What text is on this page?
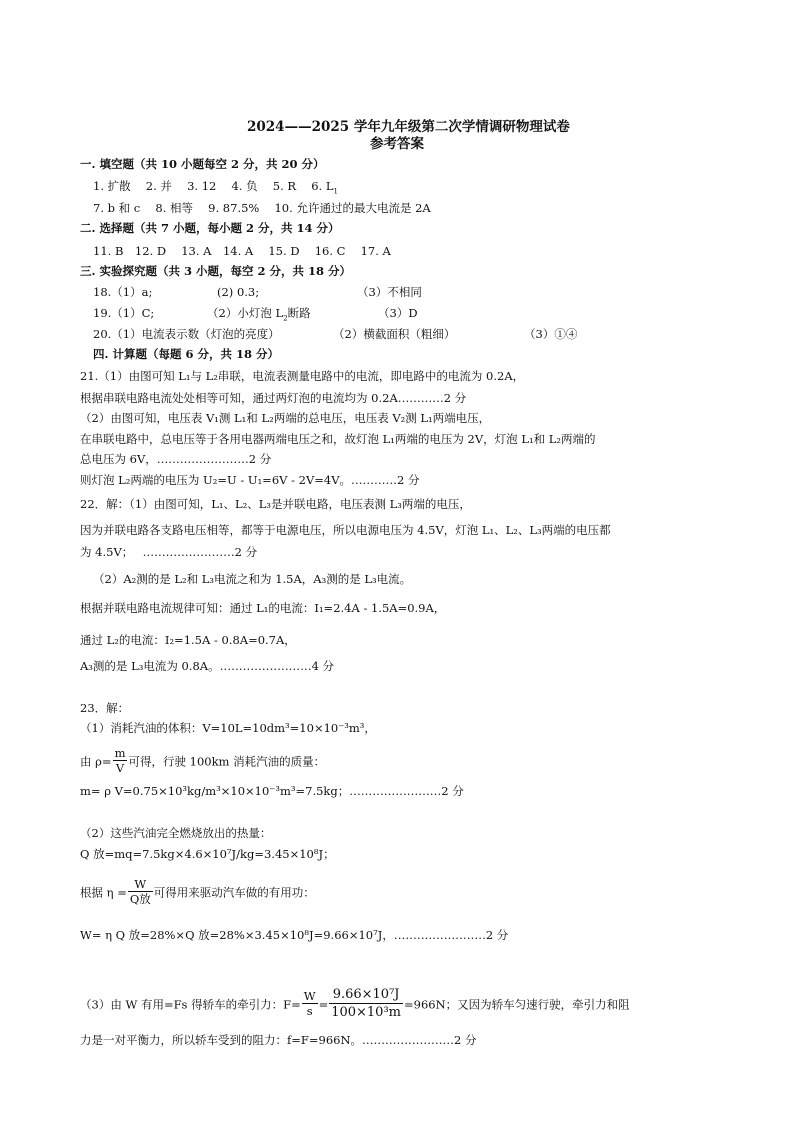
2024——2025 学年九年级第二次学情调研物理试卷
参考答案
一. 填空题（共 10 小题每空 2 分，共 20 分）
1. 扩散　 2. 并　 3. 12　 4. 负　 5. R　 6. $L_1$
7. b 和 c　 8. 相等　 9. 87.5%　 10. 允许通过的最大电流是 2A
二. 选择题（共 7 小题，每小题 2 分，共 14 分）
11. B　12. D　 13. A　14. A　 15. D　 16. C　 17. A
三. 实验探究题（共 3 小题，每空 2 分，共 18 分）
18.（1）a;	(2) 0.3;	（3）不相同
19.（1）C;	（2）小灯泡 $L_2$断路	（3）D
20.（1）电流表示数（灯泡的亮度）	（2）横截面积（粗细）	（3）①④
四. 计算题（每题 6 分，共 18 分）
21.（1）由图可知 L₁与 L₂串联，电流表测量电路中的电流，即电路中的电流为 0.2A，
根据串联电路电流处处相等可知，通过两灯泡的电流均为 0.2A…………2 分
（2）由图可知，电压表 V₁测 L₁和 L₂两端的总电压，电压表 V₂测 L₁两端电压，
在串联电路中，总电压等于各用电器两端电压之和，故灯泡 L₁两端的电压为 2V，灯泡 L₁和 L₂两端的
总电压为 6V，……………………2 分
则灯泡 L₂两端的电压为 U₂=U - U₁=6V - 2V=4V。…………2 分
22．解：（1）由图可知，L₁、L₂、L₃是并联电路，电压表测 L₃两端的电压，
因为并联电路各支路电压相等，都等于电源电压，所以电源电压为 4.5V，灯泡 L₁、L₂、L₃两端的电压都
为 4.5V；　 ……………………2 分
（2）A₂测的是 L₂和 L₃电流之和为 1.5A，A₃测的是 L₃电流。
根据并联电路电流规律可知：通过 L₁的电流：I₁=2.4A - 1.5A=0.9A，
通过 L₂的电流：I₂=1.5A - 0.8A=0.7A，
A₃测的是 L₃电流为 0.8A。……………………4 分
23．解：
（1）消耗汽油的体积：V=10L=10dm³=10×10⁻³m³，
由 $\rho= \frac{m}{V}$ 可得，行驶 100km 消耗汽油的质量：
m= ρ V=0.75×10³kg/m³×10×10⁻³m³=7.5kg；……………………2 分
（2）这些汽油完全燃烧放出的热量：
Q 放=mq=7.5kg×4.6×10⁷J/kg=3.45×10⁸J；
根据 $\eta = \frac{W}{\text{Q放}}$ 可得用来驱动汽车做的有用功：
W= η Q 放=28%×Q 放=28%×3.45×10⁸J=9.66×10⁷J，……………………2 分
（3）由 W 有用=Fs 得轿车的牵引力：$F= \frac{W}{s} = \frac{\text{9.66×10⁷J}}{\text{100×10³m}} =966N$；又因为轿车匀速行驶，牵引力和阻
力是一对平衡力，所以轿车受到的阻力：f=F=966N。……………………2 分
